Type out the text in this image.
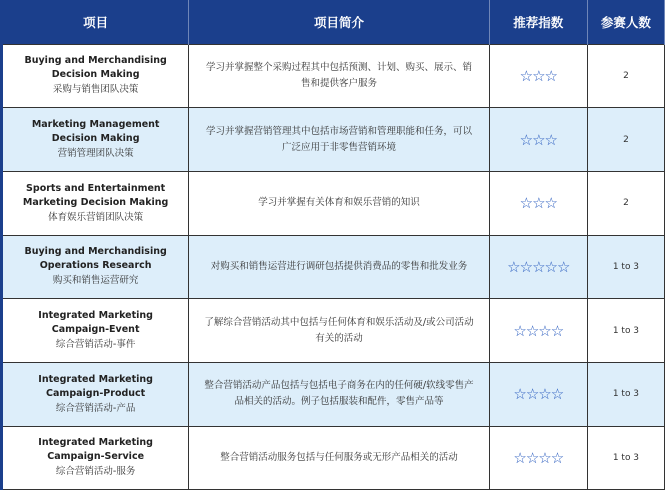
项目	项目简介	推荐指数	参赛人数

Buying and Merchandising
Decision Making
采购与销售团队决策	学习并掌握整个采购过程其中包括预测、计划、购买、展示、销售和提供客户服务	☆☆☆	2

Marketing Management
Decision Making
营销管理团队决策	学习并掌握营销管理其中包括市场营销和管理职能和任务，可以广泛应用于非零售营销环境	☆☆☆	2

Sports and Entertainment
Marketing Decision Making
体育娱乐营销团队决策	学习并掌握有关体育和娱乐营销的知识	☆☆☆	2

Buying and Merchandising
Operations Research
购买和销售运营研究	对购买和销售运营进行调研包括提供消费品的零售和批发业务	☆☆☆☆☆	1 to 3

Integrated Marketing
Campaign-Event
综合营销活动-事件	了解综合营销活动其中包括与任何体育和娱乐活动及/或公司活动有关的活动	☆☆☆☆	1 to 3

Integrated Marketing
Campaign-Product
综合营销活动-产品	整合营销活动产品包括与包括电子商务在内的任何硬/软线零售产品相关的活动。例子包括服装和配件，零售产品等	☆☆☆☆	1 to 3

Integrated Marketing
Campaign-Service
综合营销活动-服务	整合营销活动服务包括与任何服务或无形产品相关的活动	☆☆☆☆	1 to 3
